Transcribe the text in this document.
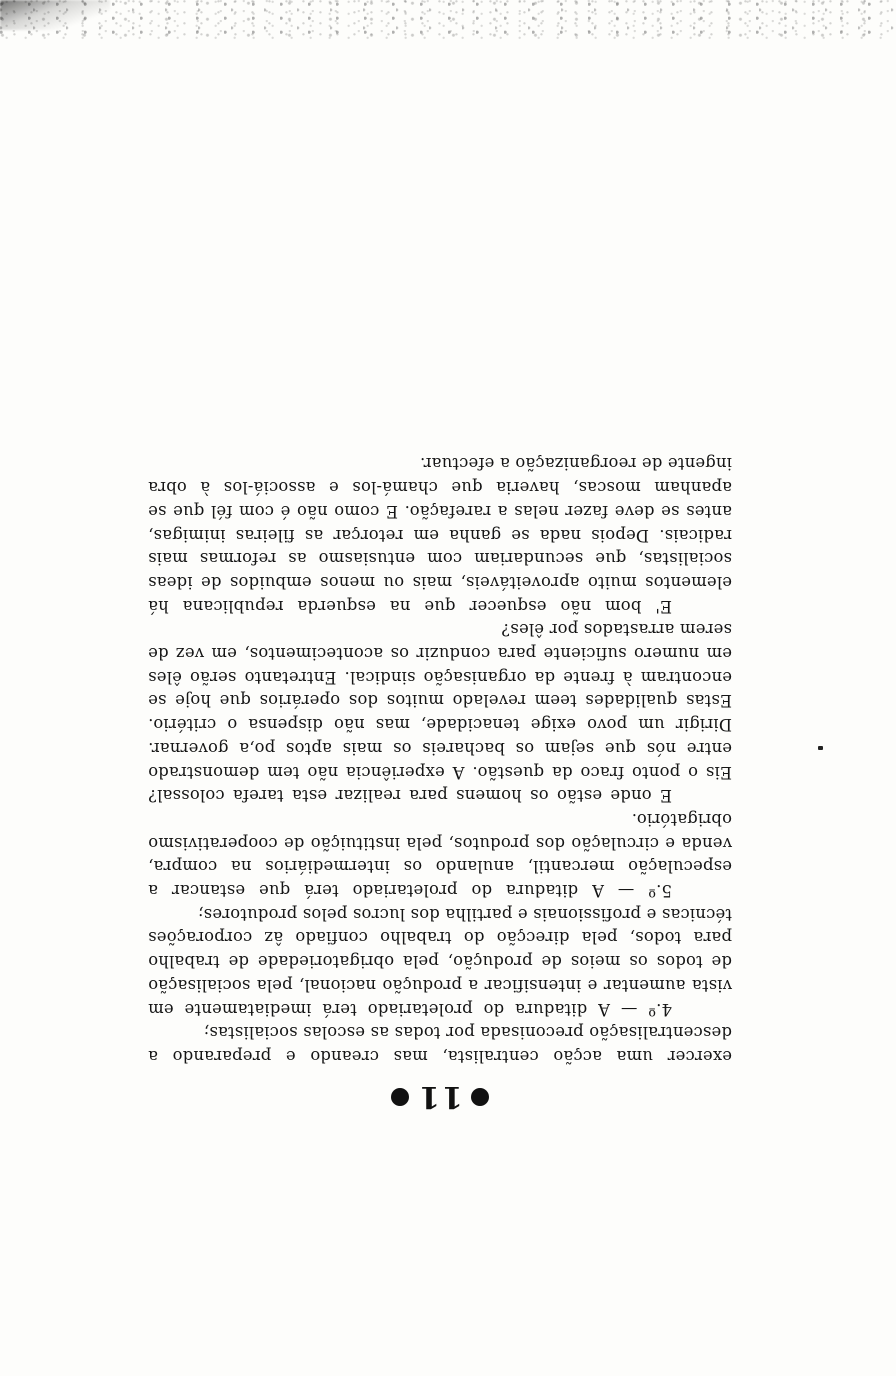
11

exercer uma acção centralista, mas creando e preparando a descentralisação preconisada por todas as escolas socialistas;

4.º — A ditadura do proletariado terá imediatamente em vista aumentar e intensificar a produção nacional, pela socialisação de todos os meios de produção, pela obrigatoriedade de trabalho para todos, pela direcção do trabalho confiado âz corporações técnicas e profissionais e partilha dos lucros pelos produtores;

5.º — A ditadura do proletariado terá que estancar a especulação mercantil, anulando os intermediários na compra, venda e circulação dos produtos, pela instituição de cooperativismo obrigatório.

E onde estão os homens para realizar esta tarefa colossal? Eis o ponto fraco da questão. A experiência não tem demonstrado entre nós que sejam os bachareis os mais aptos po,a governar. Dirigir um povo exige tenacidade, mas não dispensa o critério. Estas qualidades teem revelado muitos dos operários que hoje se encontram à frente da organisação sindical. Entretanto serão êles em numero suficiente para conduzir os acontecimentos, em vez de serem arrastados por êles?

E' bom não esquecer que na esquerda republicana há elementos muito aproveitáveis, mais ou menos embuidos de ideas socialistas, que secundariam com entusiasmo as reformas mais radicais. Depois nada se ganha em retorçar as fileiras inimigas, antes se deve fazer nelas a rarefação. E como não é com fél que se apanham moscas, haveria que chamá-los e associá-los à obra ingente de reorganização a efectuar.
